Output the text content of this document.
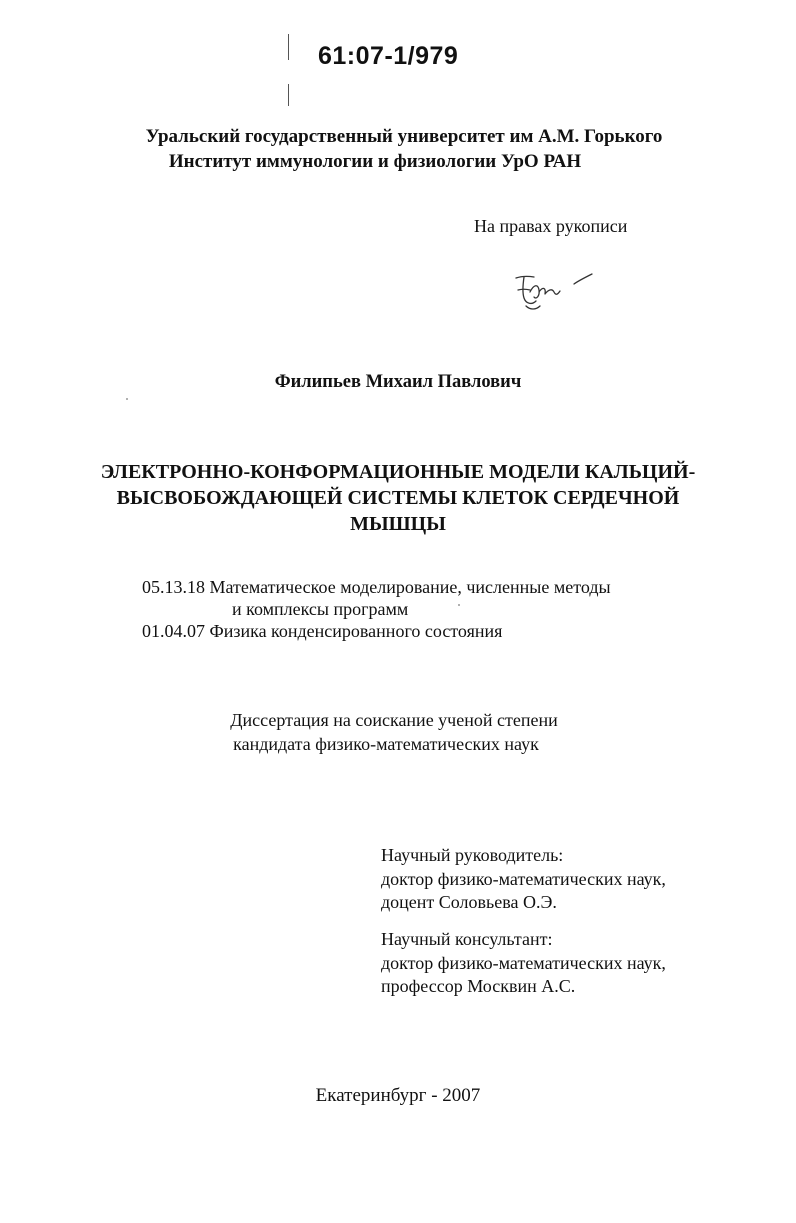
61:07-1/979
Уральский государственный университет им А.М. Горького
Институт иммунологии и физиологии УрО РАН
На правах рукописи
Филипьев Михаил Павлович
ЭЛЕКТРОННО-КОНФОРМАЦИОННЫЕ МОДЕЛИ КАЛЬЦИЙ-
ВЫСВОБОЖДАЮЩЕЙ СИСТЕМЫ КЛЕТОК СЕРДЕЧНОЙ
МЫШЦЫ
05.13.18 Математическое моделирование, численные методы
и комплексы программ
01.04.07 Физика конденсированного состояния
Диссертация на соискание ученой степени
кандидата физико-математических наук
Научный руководитель:
доктор физико-математических наук,
доцент Соловьева О.Э.
Научный консультант:
доктор физико-математических наук,
профессор Москвин А.С.
Екатеринбург - 2007
